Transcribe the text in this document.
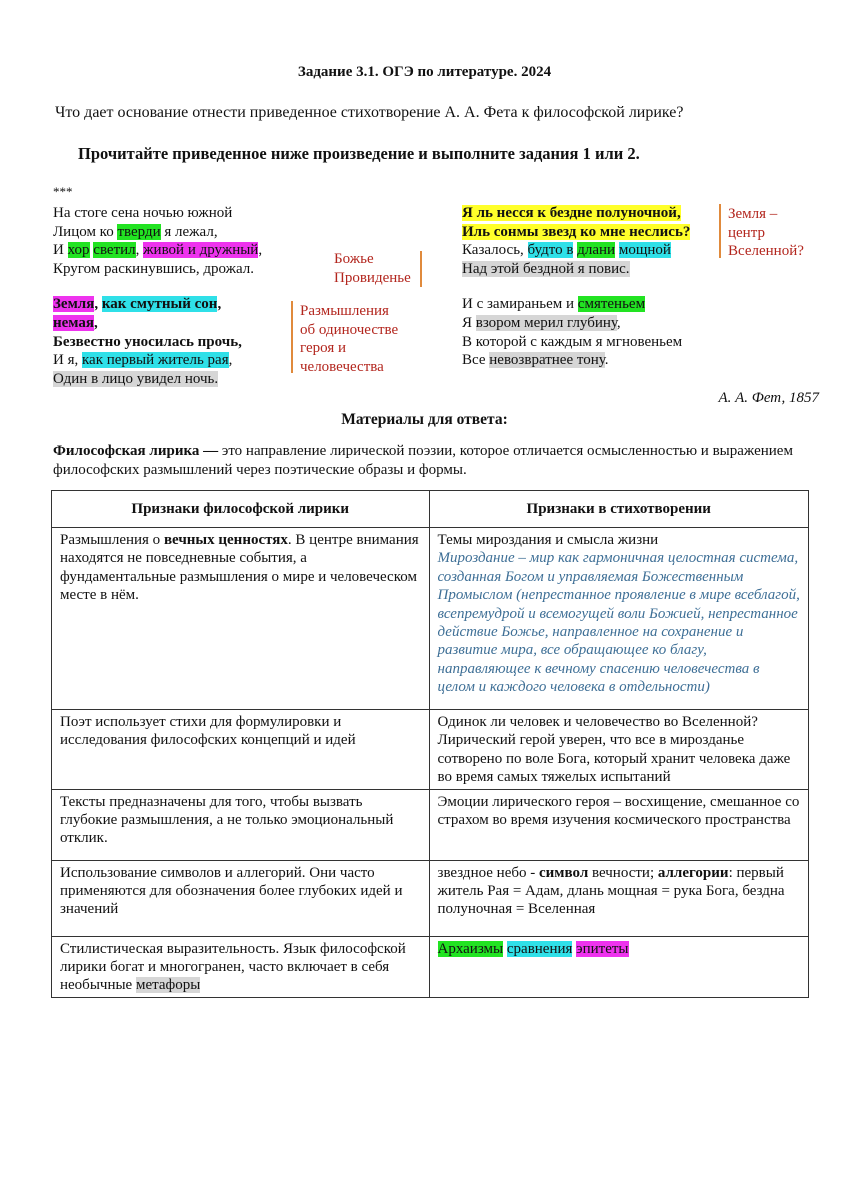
Задание 3.1. ОГЭ по литературе. 2024
Что дает основание отнести приведенное стихотворение А. А. Фета к философской лирике?
Прочитайте приведенное ниже произведение и выполните задания 1 или 2.
***
На стоге сена ночью южной
Лицом ко тверди я лежал,
И хор светил, живой и дружный,
Кругом раскинувшись, дрожал.
Земля, как смутный сон,
немая,
Безвестно уносилась прочь,
И я, как первый житель рая,
Один в лицо увидел ночь.
Божье
Провиденье
Размышления
об одиночестве
героя и
человечества
Я ль несся к бездне полуночной,
Иль сонмы звезд ко мне неслись?
Казалось, будто в длани мощной
Над этой бездной я повис.
И с замираньем и смятеньем
Я взором мерил глубину,
В которой с каждым я мгновеньем
Все невозвратнее тону.
Земля –
центр
Вселенной?
А. А. Фет, 1857
Материалы для ответа:
Философская лирика — это направление лирической поэзии, которое отличается осмысленностью и выражением философских размышлений через поэтические образы и формы.
Признаки философской лирики	Признаки в стихотворении
Размышления о вечных ценностях. В центре внимания находятся не повседневные события, а фундаментальные размышления о мире и человеческом месте в нём.	Темы мироздания и смысла жизни
Мироздание – мир как гармоничная целостная система, созданная Богом и управляемая Божественным Промыслом (непрестанное проявление в мире всеблагой, всепремудрой и всемогущей воли Божией, непрестанное действие Божье, направленное на сохранение и развитие мира, все обращающее ко благу, направляющее к вечному спасению человечества в целом и каждого человека в отдельности)

Поэт использует стихи для формулировки и исследования философских концепций и идей	Одинок ли человек и человечество во Вселенной? Лирический герой уверен, что все в мирозданье сотворено по воле Бога, который хранит человека даже во время самых тяжелых испытаний
Тексты предназначены для того, чтобы вызвать глубокие размышления, а не только эмоциональный отклик.	Эмоции лирического героя – восхищение, смешанное со страхом во время изучения космического пространства
Использование символов и аллегорий. Они часто применяются для обозначения более глубоких идей и значений	звездное небо - символ вечности; аллегории: первый житель Рая = Адам, длань мощная = рука Бога, бездна полуночная = Вселенная
Стилистическая выразительность. Язык философской лирики богат и многогранен, часто включает в себя необычные метафоры	Архаизмы сравнения эпитеты
